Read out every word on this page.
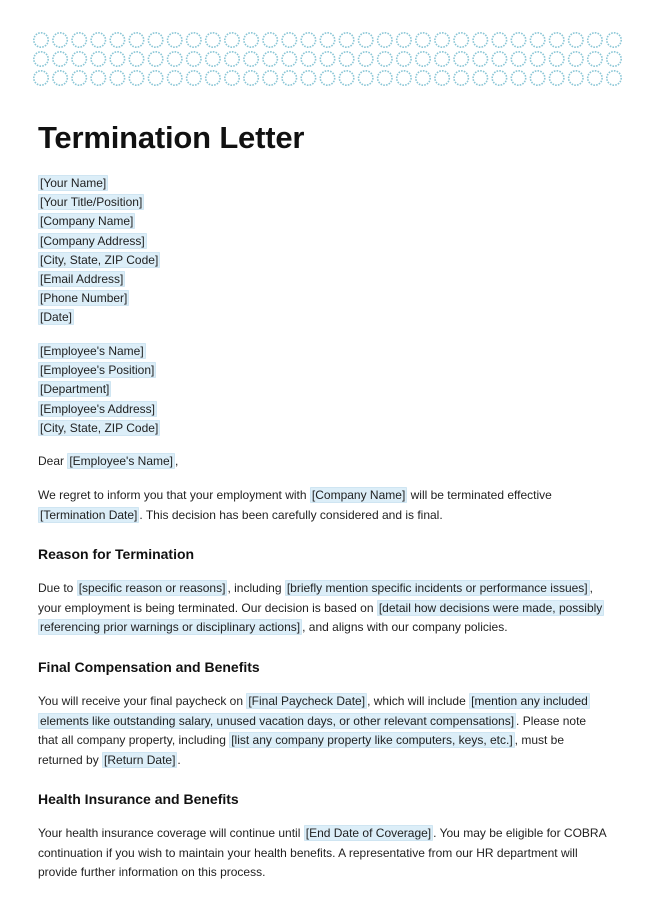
Termination Letter
[Your Name]
[Your Title/Position]
[Company Name]
[Company Address]
[City, State, ZIP Code]
[Email Address]
[Phone Number]
[Date]
[Employee's Name]
[Employee's Position]
[Department]
[Employee's Address]
[City, State, ZIP Code]

Dear [Employee's Name] ,

We regret to inform you that your employment with [Company Name] will be terminated effective
[Termination Date] . This decision has been carefully considered and is final.

Reason for Termination

Due to [specific reason or reasons] , including [briefly mention specific incidents or performance issues] ,
your employment is being terminated. Our decision is based on [detail how decisions were made, possibly
referencing prior warnings or disciplinary actions] , and aligns with our company policies.

Final Compensation and Benefits

You will receive your final paycheck on [Final Paycheck Date] , which will include [mention any included
elements like outstanding salary, unused vacation days, or other relevant compensations] . Please note
that all company property, including [list any company property like computers, keys, etc.] , must be
returned by [Return Date] .

Health Insurance and Benefits

Your health insurance coverage will continue until [End Date of Coverage] . You may be eligible for COBRA
continuation if you wish to maintain your health benefits. A representative from our HR department will
provide further information on this process.
